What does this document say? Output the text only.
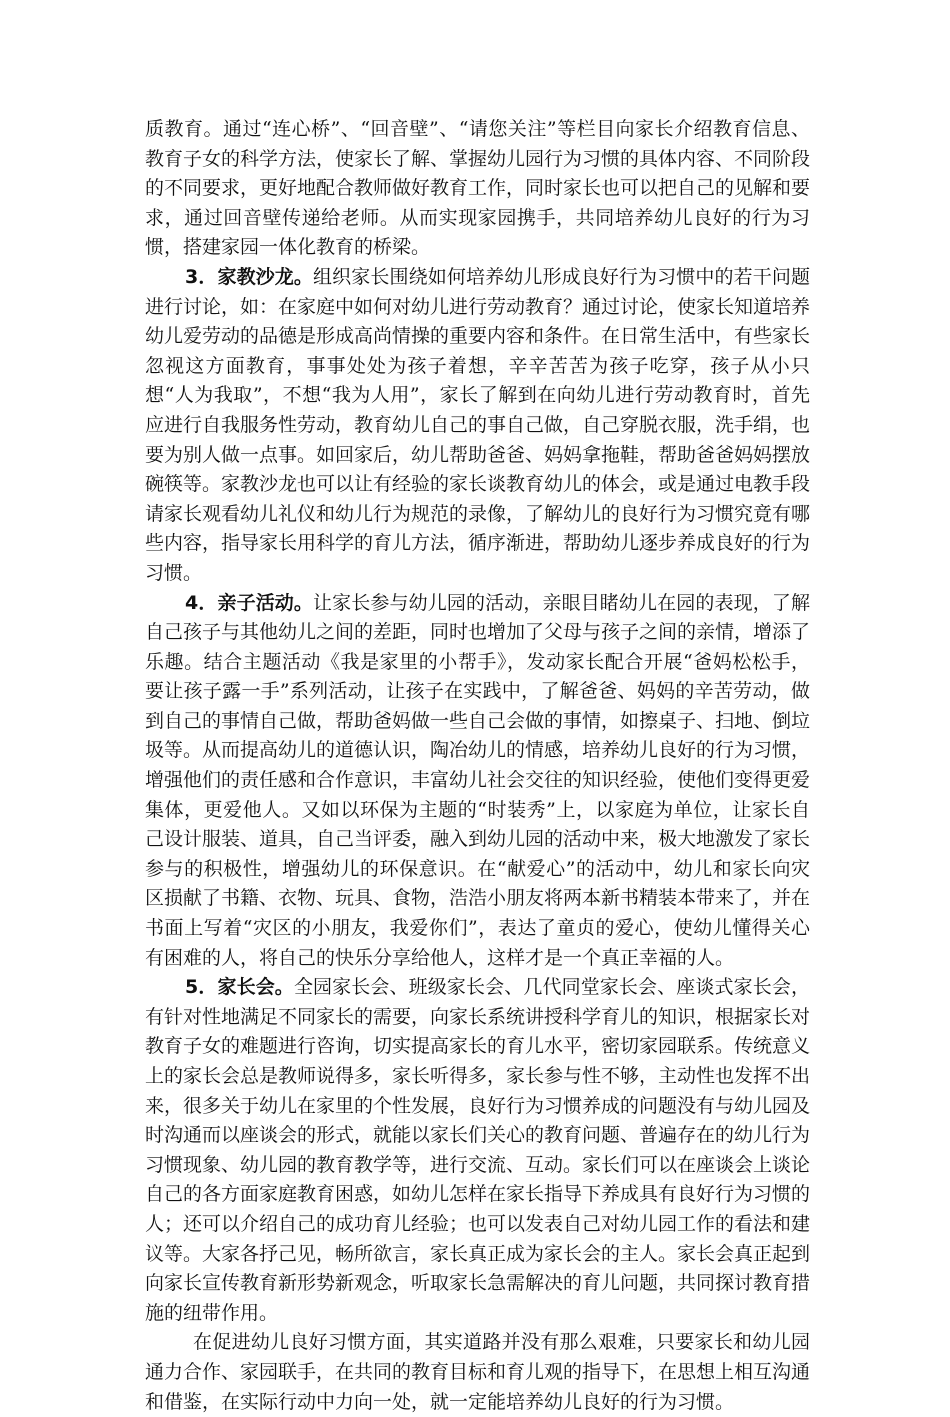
质教育。通过“连心桥”、“回音壁”、“请您关注”等栏目向家长介绍教育信息、教育子女的科学方法，使家长了解、掌握幼儿园行为习惯的具体内容、不同阶段的不同要求，更好地配合教师做好教育工作，同时家长也可以把自己的见解和要求，通过回音壁传递给老师。从而实现家园携手，共同培养幼儿良好的行为习惯，搭建家园一体化教育的桥梁。

3．家教沙龙。组织家长围绕如何培养幼儿形成良好行为习惯中的若干问题进行讨论，如：在家庭中如何对幼儿进行劳动教育？通过讨论，使家长知道培养幼儿爱劳动的品德是形成高尚情操的重要内容和条件。在日常生活中，有些家长忽视这方面教育，事事处处为孩子着想，辛辛苦苦为孩子吃穿，孩子从小只想“人为我取”，不想“我为人用”，家长了解到在向幼儿进行劳动教育时，首先应进行自我服务性劳动，教育幼儿自己的事自己做，自己穿脱衣服，洗手绢，也要为别人做一点事。如回家后，幼儿帮助爸爸、妈妈拿拖鞋，帮助爸爸妈妈摆放碗筷等。家教沙龙也可以让有经验的家长谈教育幼儿的体会，或是通过电教手段请家长观看幼儿礼仪和幼儿行为规范的录像，了解幼儿的良好行为习惯究竟有哪些内容，指导家长用科学的育儿方法，循序渐进，帮助幼儿逐步养成良好的行为习惯。

4．亲子活动。让家长参与幼儿园的活动，亲眼目睹幼儿在园的表现，了解自己孩子与其他幼儿之间的差距，同时也增加了父母与孩子之间的亲情，增添了乐趣。结合主题活动《我是家里的小帮手》，发动家长配合开展“爸妈松松手，要让孩子露一手”系列活动，让孩子在实践中，了解爸爸、妈妈的辛苦劳动，做到自己的事情自己做，帮助爸妈做一些自己会做的事情，如擦桌子、扫地、倒垃圾等。从而提高幼儿的道德认识，陶冶幼儿的情感，培养幼儿良好的行为习惯，增强他们的责任感和合作意识，丰富幼儿社会交往的知识经验，使他们变得更爱集体，更爱他人。又如以环保为主题的“时装秀”上，以家庭为单位，让家长自己设计服装、道具，自己当评委，融入到幼儿园的活动中来，极大地激发了家长参与的积极性，增强幼儿的环保意识。在“献爱心”的活动中，幼儿和家长向灾区损献了书籍、衣物、玩具、食物，浩浩小朋友将两本新书精装本带来了，并在书面上写着“灾区的小朋友，我爱你们”，表达了童贞的爱心，使幼儿懂得关心有困难的人，将自己的快乐分享给他人，这样才是一个真正幸福的人。

5．家长会。全园家长会、班级家长会、几代同堂家长会、座谈式家长会，有针对性地满足不同家长的需要，向家长系统讲授科学育儿的知识，根据家长对教育子女的难题进行咨询，切实提高家长的育儿水平，密切家园联系。传统意义上的家长会总是教师说得多，家长听得多，家长参与性不够，主动性也发挥不出来，很多关于幼儿在家里的个性发展，良好行为习惯养成的问题没有与幼儿园及时沟通而以座谈会的形式，就能以家长们关心的教育问题、普遍存在的幼儿行为习惯现象、幼儿园的教育教学等，进行交流、互动。家长们可以在座谈会上谈论自己的各方面家庭教育困惑，如幼儿怎样在家长指导下养成具有良好行为习惯的人；还可以介绍自己的成功育儿经验；也可以发表自己对幼儿园工作的看法和建议等。大家各抒己见，畅所欲言，家长真正成为家长会的主人。家长会真正起到向家长宣传教育新形势新观念，听取家长急需解决的育儿问题，共同探讨教育措施的纽带作用。

在促进幼儿良好习惯方面，其实道路并没有那么艰难，只要家长和幼儿园通力合作、家园联手，在共同的教育目标和育儿观的指导下，在思想上相互沟通和借鉴，在实际行动中力向一处，就一定能培养幼儿良好的行为习惯。
